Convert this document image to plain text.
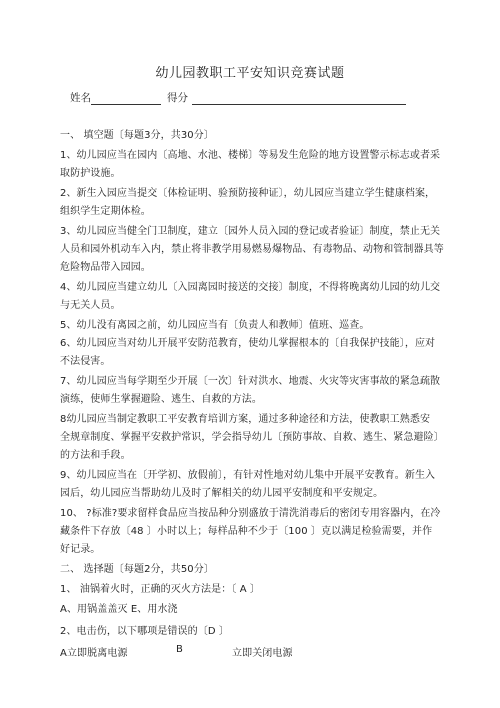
幼儿园教职工平安知识竞赛试题
姓名	得分
一、 填空题〔每题3分，共30分〕
1、幼儿园应当在园内〔高地、水池、楼梯〕等易发生危险的地方设置警示标志或者采
取防护设施。
2、新生入园应当提交〔体检证明、验预防接种证〕，幼儿园应当建立学生健康档案，
组织学生定期体检。
3、幼儿园应当健全门卫制度，建立〔园外人员入园的登记或者验证〕制度，禁止无关
人员和园外机动车入内，禁止将非教学用易燃易爆物品、有毒物品、动物和管制器具等
危险物品带入园园。
4、幼儿园应当建立幼儿〔入园离园时接送的交接〕制度，不得将晚离幼儿园的幼儿交
与无关人员。
5、幼儿没有离园之前，幼儿园应当有〔负责人和教师〕值班、巡查。
6、幼儿园应当对幼儿开展平安防范教育，使幼儿掌握根本的〔自我保护技能〕，应对
不法侵害。
7、幼儿园应当每学期至少开展〔一次〕针对洪水、地震、火灾等灾害事故的紧急疏散
演练，使师生掌握避险、逃生、自救的方法。
8幼儿园应当制定教职工平安教育培训方案，通过多种途径和方法，使教职工熟悉安
全规章制度、掌握平安救护常识，学会指导幼儿〔预防事故、自救、逃生、紧急避险〕
的方法和手段。
9、幼儿园应当在〔开学初、放假前〕，有针对性地对幼儿集中开展平安教育。新生入
园后，幼儿园应当帮助幼儿及时了解相关的幼儿园平安制度和平安规定。
10、 ?标准?要求留样食品应当按品种分别盛放于清洗消毒后的密闭专用容器内，在冷
藏条件下存放〔48 〕小时以上；每样品种不少于〔100 〕克以满足检验需要，并作
好记录。
二、 选择题〔每题2分，共50分〕
1、 油锅着火时，正确的灭火方法是：〔 A 〕
A、用锅盖盖灭 E、用水浇
2、电击伤，以下哪项是错误的〔D 〕
A立即脱离电源	B	立即关闭电源
